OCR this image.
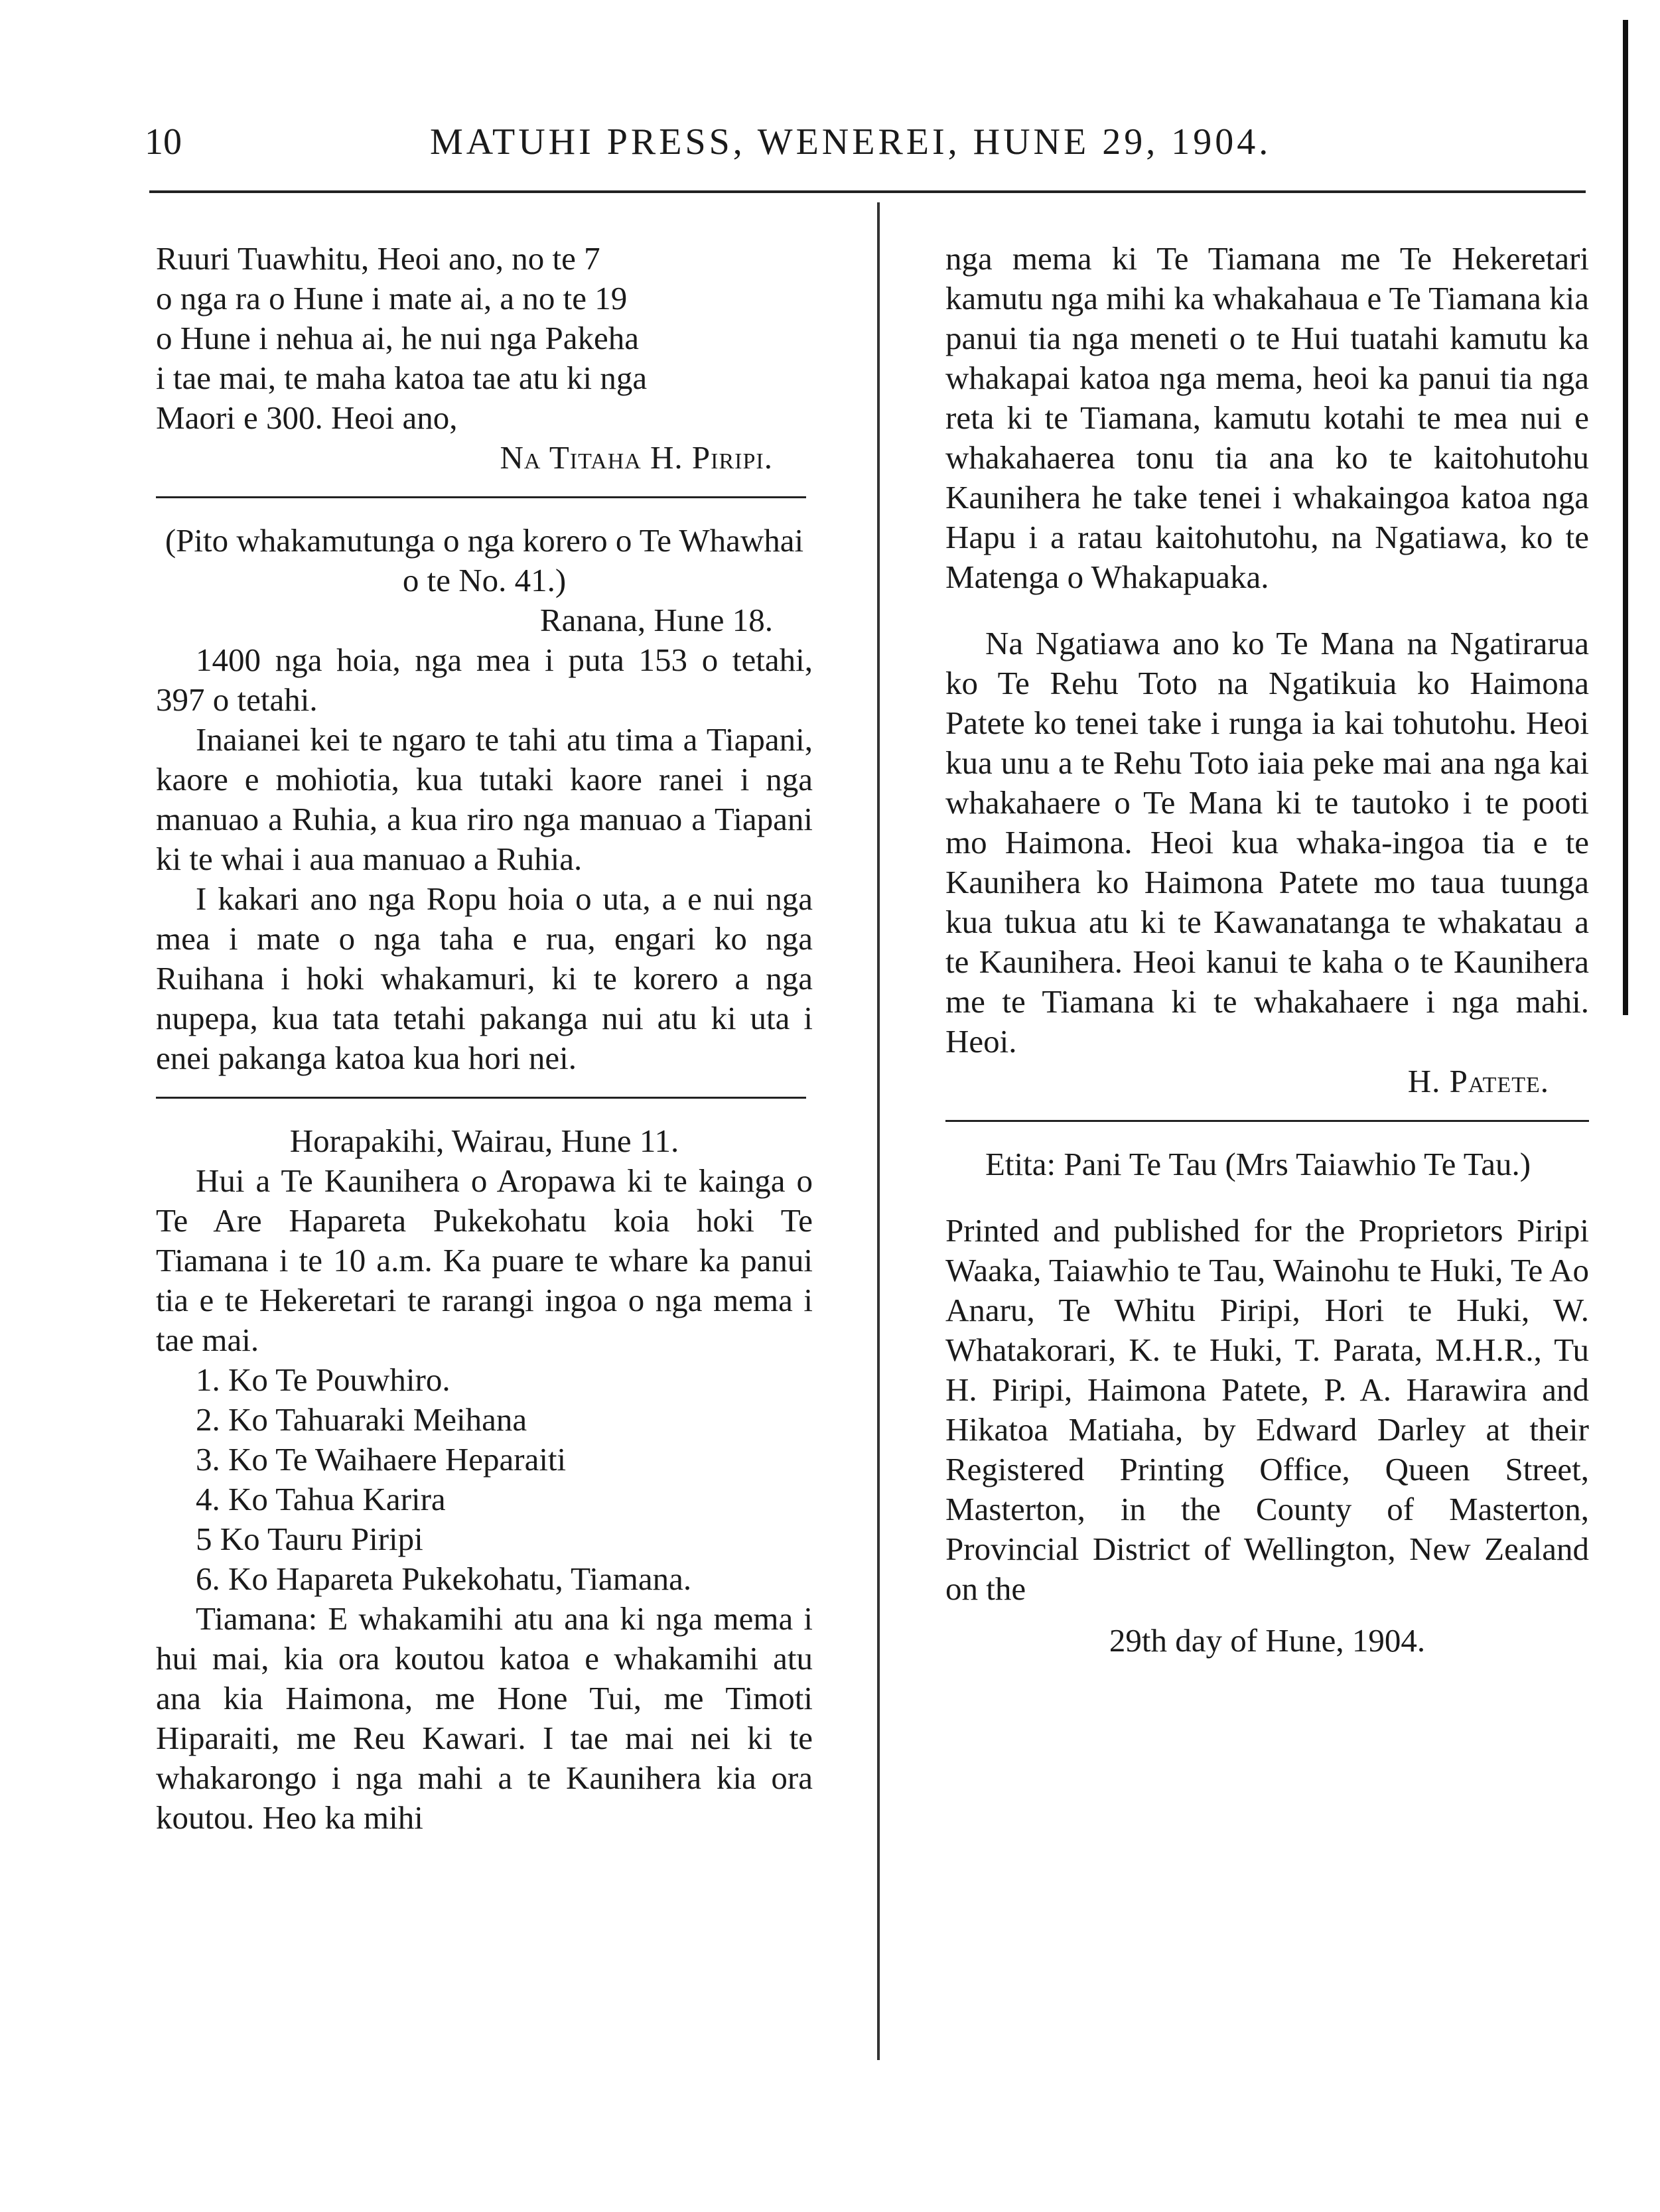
10	MATUHI PRESS, WENEREI, HUNE 29, 1904.

Ruuri Tuawhitu, Heoi ano, no te 7

o nga ra o Hune i mate ai, a no te 19

o Hune i nehua ai, he nui nga Pakeha

i tae mai, te maha katoa tae atu ki nga

Maori e 300. Heoi ano,

Na Titaha H. Piripi.

(Pito whakamutunga o nga korero o Te Whawhai o te No. 41.)

Ranana, Hune 18.

1400 nga hoia, nga mea i puta 153 o tetahi, 397 o tetahi.

Inaianei kei te ngaro te tahi atu tima a Tiapani, kaore e mohiotia, kua tutaki kaore ranei i nga manuao a Ruhia, a kua riro nga manuao a Tiapani ki te whai i aua manuao a Ruhia.

I kakari ano nga Ropu hoia o uta, a e nui nga mea i mate o nga taha e rua, engari ko nga Ruihana i hoki whakamuri, ki te korero a nga nupepa, kua tata tetahi pakanga nui atu ki uta i enei pakanga katoa kua hori nei.

Horapakihi, Wairau, Hune 11.

Hui a Te Kaunihera o Aropawa ki te kainga o Te Are Hapareta Pukekohatu koia hoki Te Tiamana i te 10 a.m. Ka puare te whare ka panui tia e te Hekeretari te rarangi ingoa o nga mema i tae mai.

1. Ko Te Pouwhiro.

2. Ko Tahuaraki Meihana

3. Ko Te Waihaere Heparaiti

4. Ko Tahua Karira

5 Ko Tauru Piripi

6. Ko Hapareta Pukekohatu, Tiamana.

Tiamana: E whakamihi atu ana ki nga mema i hui mai, kia ora koutou katoa e whakamihi atu ana kia Haimona, me Hone Tui, me Timoti Hiparaiti, me Reu Kawari. I tae mai nei ki te whakarongo i nga mahi a te Kaunihera kia ora koutou. Heo ka mihi

nga mema ki Te Tiamana me Te Hekeretari kamutu nga mihi ka whakahaua e Te Tiamana kia panui tia nga meneti o te Hui tuatahi kamutu ka whakapai katoa nga mema, heoi ka panui tia nga reta ki te Tiamana, kamutu kotahi te mea nui e whakahaerea tonu tia ana ko te kaitohutohu Kaunihera he take tenei i whakaingoa katoa nga Hapu i a ratau kaitohutohu, na Ngatiawa, ko te Matenga o Whakapuaka.

Na Ngatiawa ano ko Te Mana na Ngatirarua ko Te Rehu Toto na Ngatikuia ko Haimona Patete ko tenei take i runga ia kai tohutohu. Heoi kua unu a te Rehu Toto iaia peke mai ana nga kai whakahaere o Te Mana ki te tautoko i te pooti mo Haimona. Heoi kua whaka-ingoa tia e te Kaunihera ko Haimona Patete mo taua tuunga kua tukua atu ki te Kawanatanga te whakatau a te Kaunihera. Heoi kanui te kaha o te Kaunihera me te Tiamana ki te whakahaere i nga mahi. Heoi.

H. Patete.

Etita: Pani Te Tau (Mrs Taiawhio Te Tau.)

Printed and published for the Proprietors Piripi Waaka, Taiawhio te Tau, Wainohu te Huki, Te Ao Anaru, Te Whitu Piripi, Hori te Huki, W. Whatakorari, K. te Huki, T. Parata, M.H.R., Tu H. Piripi, Haimona Patete, P. A. Harawira and Hikatoa Matiaha, by Edward Darley at their Registered Printing Office, Queen Street, Masterton, in the County of Masterton, Provincial District of Wellington, New Zealand on the

29th day of Hune, 1904.
